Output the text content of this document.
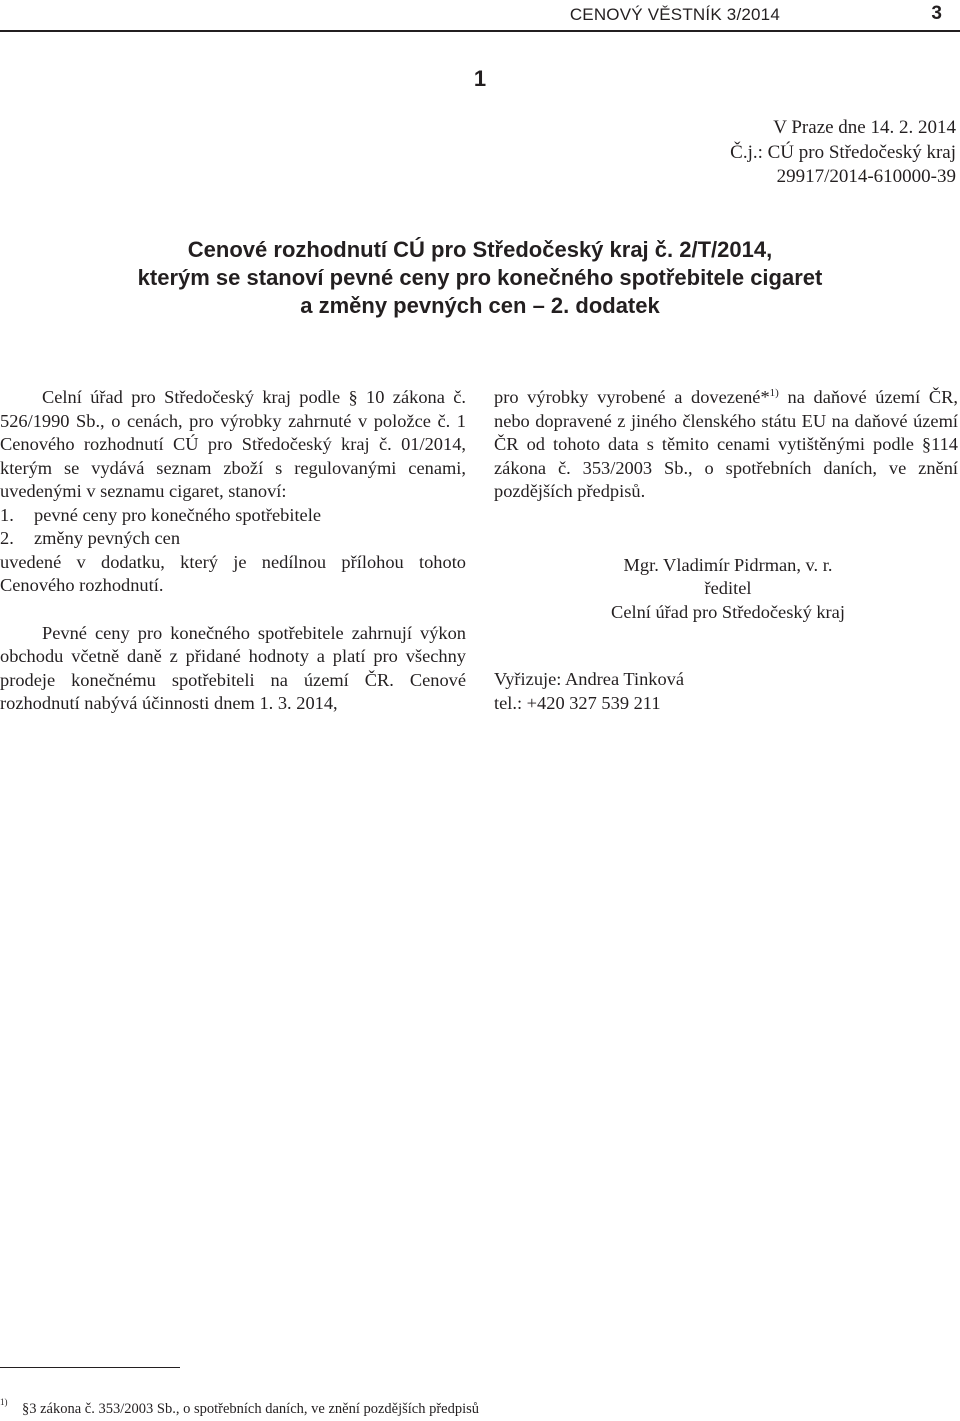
CENOVÝ VĚSTNÍK 3/2014	3
1
V Praze dne 14. 2. 2014
Č.j.: CÚ pro Středočeský kraj
29917/2014-610000-39
Cenové rozhodnutí CÚ pro Středočeský kraj č. 2/T/2014,
kterým se stanoví pevné ceny pro konečného spotřebitele cigaret
a změny pevných cen – 2. dodatek

Celní úřad pro Středočeský kraj podle § 10 zákona č. 526/1990 Sb., o cenách, pro výrobky zahrnuté v položce č. 1 Cenového rozhodnutí CÚ pro Středočeský kraj č. 01/2014, kterým se vydává seznam zboží s regulovanými cenami, uvedenými v seznamu cigaret, stanoví:

1.	pevné ceny pro konečného spotřebitele
2.	změny pevných cen

uvedené v dodatku, který je nedílnou přílohou tohoto Cenového rozhodnutí.

Pevné ceny pro konečného spotřebitele zahrnují výkon obchodu včetně daně z přidané hodnoty a platí pro všechny prodeje konečnému spotřebiteli na území ČR. Cenové rozhodnutí nabývá účinnosti dnem 1. 3. 2014,

pro výrobky vyrobené a dovezené*$^{1)}$ na daňové území ČR, nebo dopravené z jiného členského státu EU na daňové území ČR od tohoto data s těmito cenami vytištěnými podle §114 zákona č. 353/2003 Sb., o spotřebních daních, ve znění pozdějších předpisů.

Mgr. Vladimír Pidrman, v. r.
ředitel
Celní úřad pro Středočeský kraj
Vyřizuje: Andrea Tinková
tel.: +420 327 539 211
1)	§3 zákona č. 353/2003 Sb., o spotřebních daních, ve znění pozdějších předpisů
